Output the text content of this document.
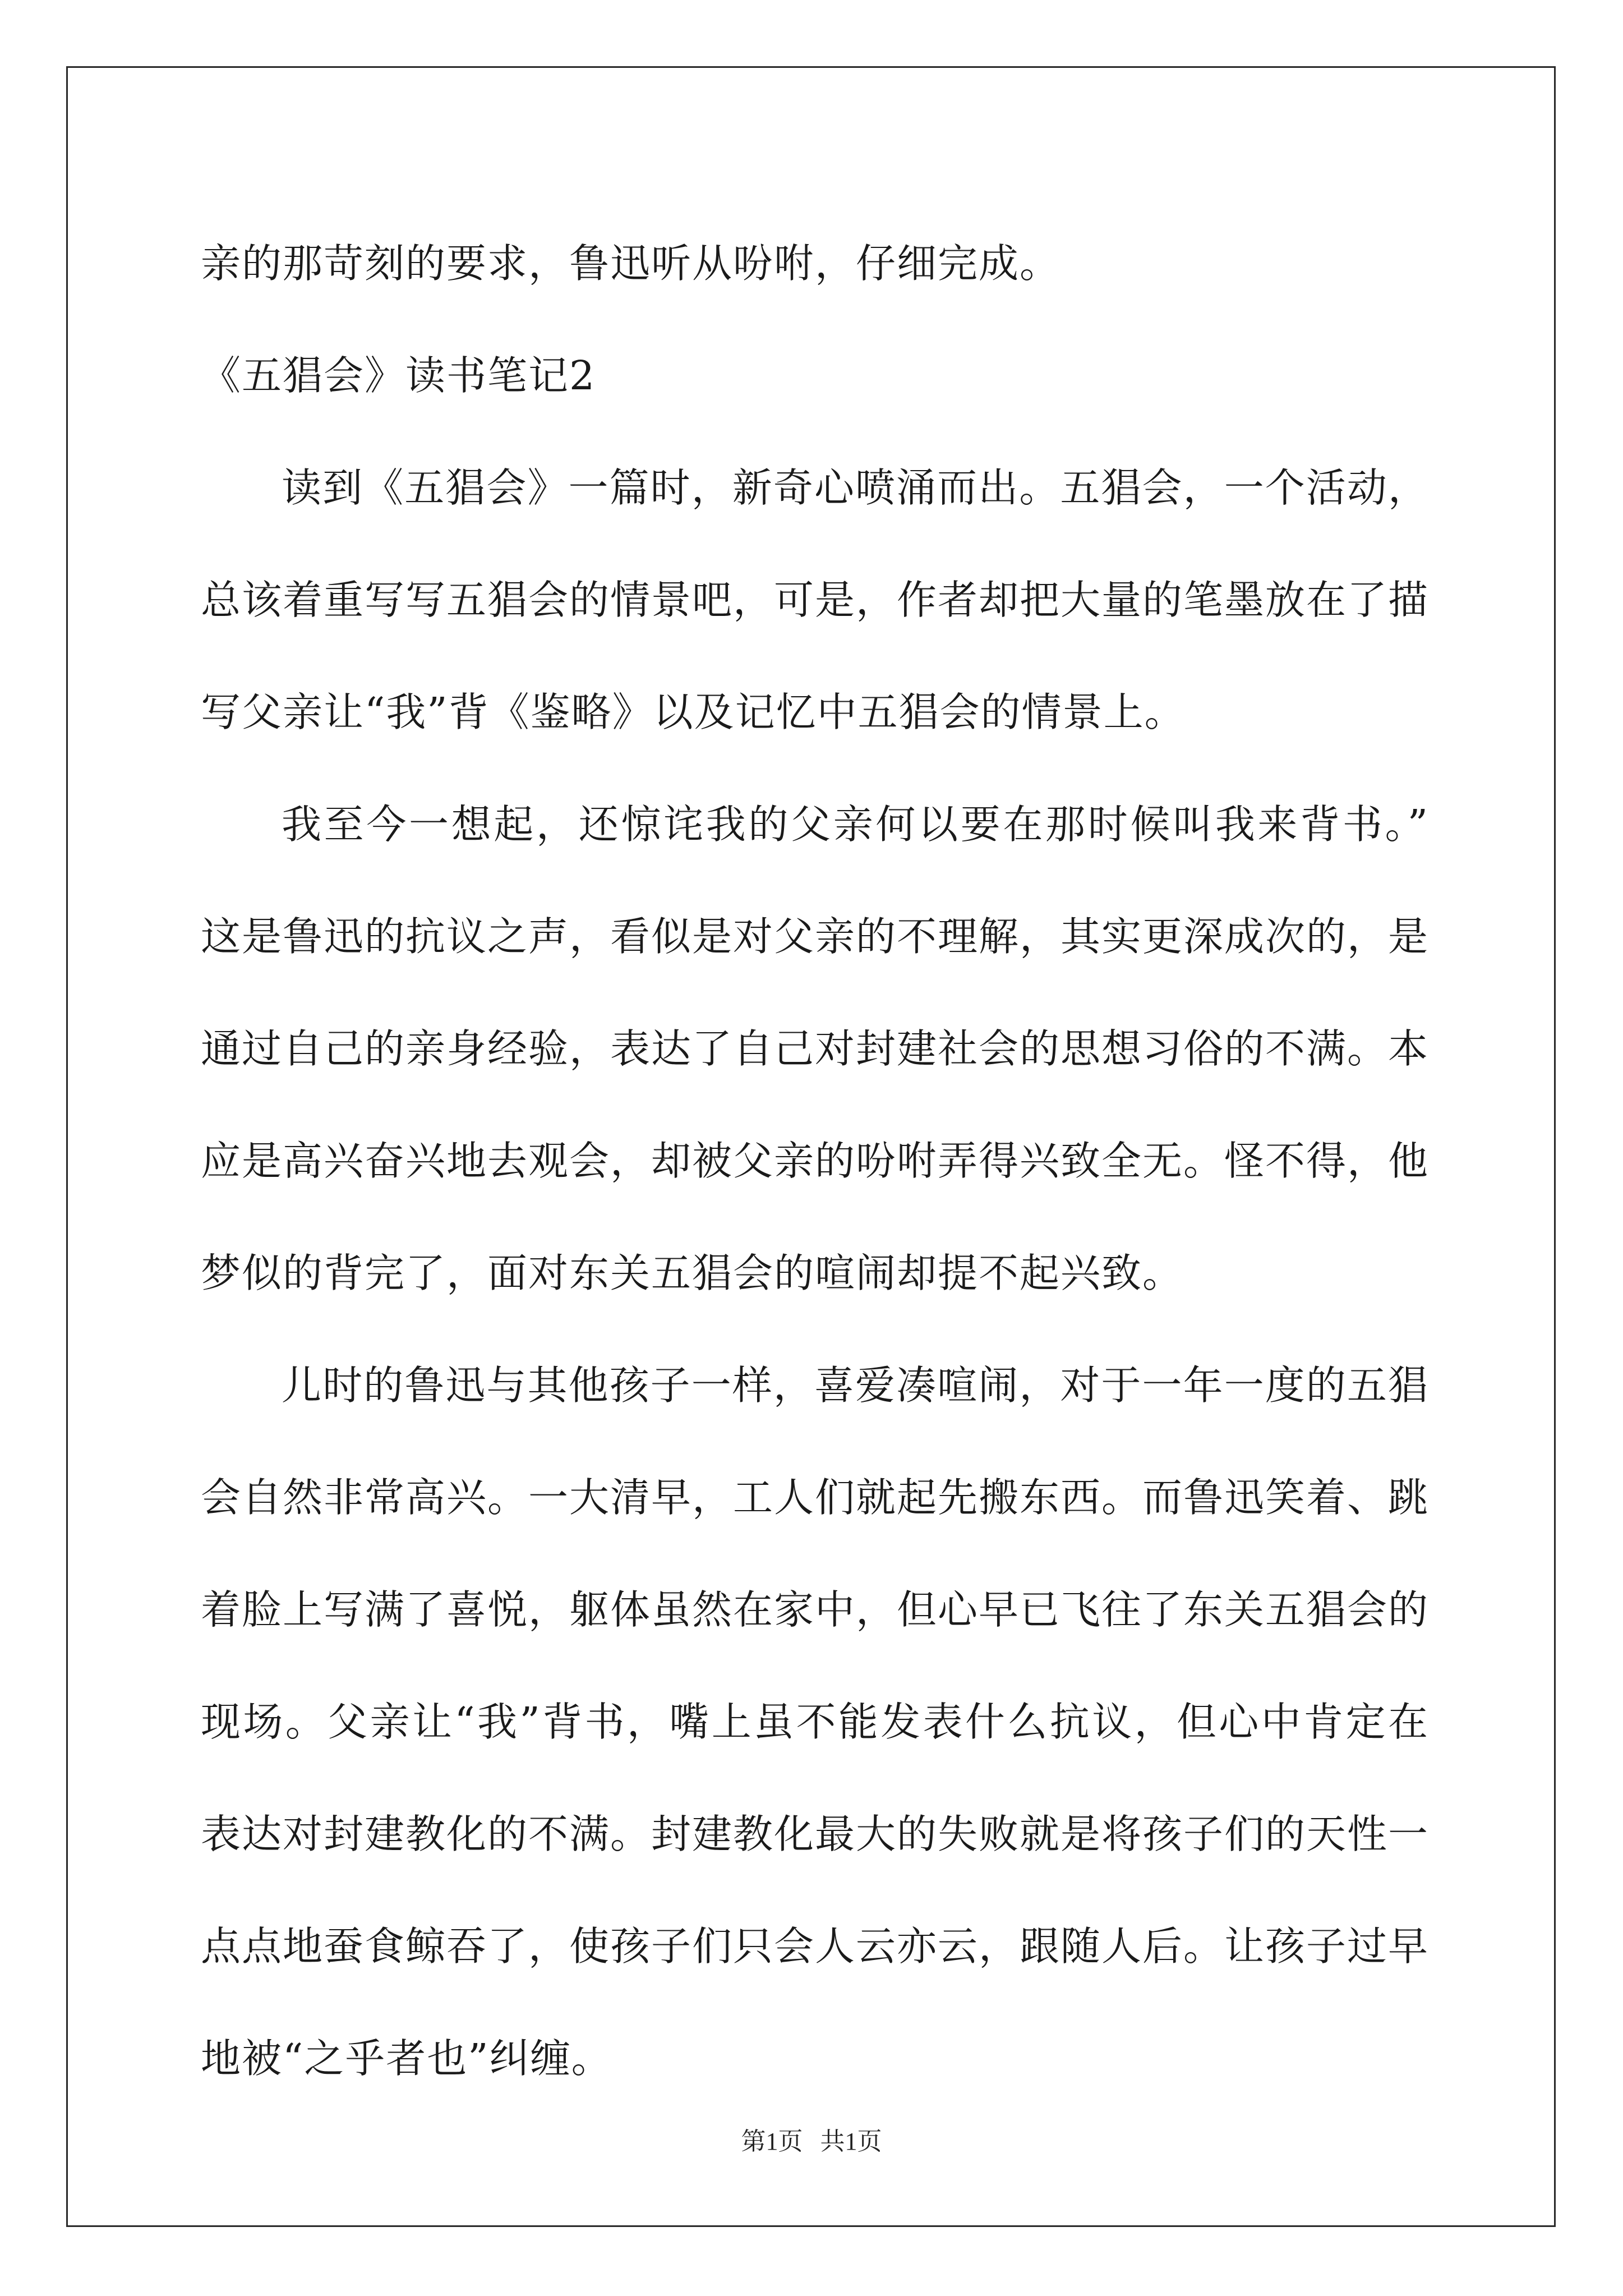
亲的那苛刻的要求，鲁迅听从吩咐，仔细完成。
《五猖会》读书笔记2
读到《五猖会》一篇时，新奇心喷涌而出。五猖会，一个活动，
总该着重写写五猖会的情景吧，可是，作者却把大量的笔墨放在了描
写父亲让“我”背《鉴略》以及记忆中五猖会的情景上。
我至今一想起，还惊诧我的父亲何以要在那时候叫我来背书。”
这是鲁迅的抗议之声，看似是对父亲的不理解，其实更深成次的，是
通过自己的亲身经验，表达了自己对封建社会的思想习俗的不满。本
应是高兴奋兴地去观会，却被父亲的吩咐弄得兴致全无。怪不得，他
梦似的背完了，面对东关五猖会的喧闹却提不起兴致。
儿时的鲁迅与其他孩子一样，喜爱凑喧闹，对于一年一度的五猖
会自然非常高兴。一大清早，工人们就起先搬东西。而鲁迅笑着、跳
着脸上写满了喜悦，躯体虽然在家中，但心早已飞往了东关五猖会的
现场。父亲让“我”背书，嘴上虽不能发表什么抗议，但心中肯定在
表达对封建教化的不满。封建教化最大的失败就是将孩子们的天性一
点点地蚕食鲸吞了，使孩子们只会人云亦云，跟随人后。让孩子过早
地被“之乎者也”纠缠。
第1页 共1页
